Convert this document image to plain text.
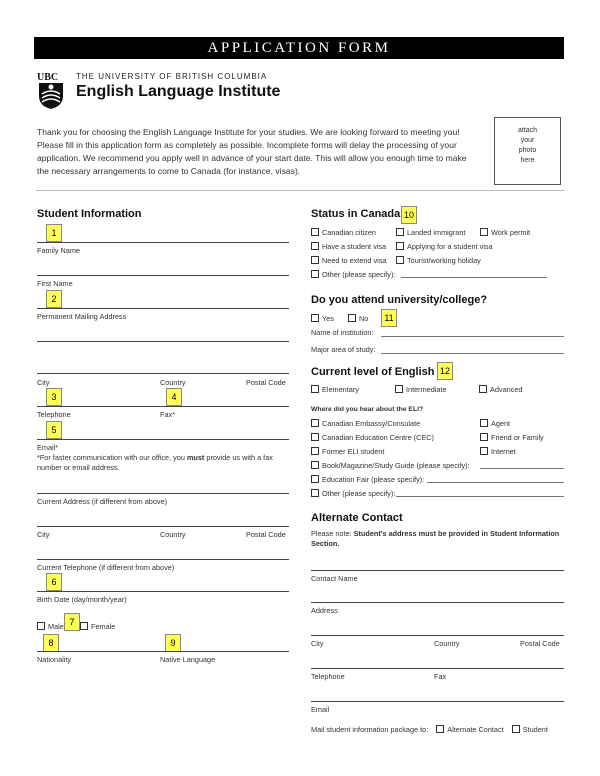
APPLICATION FORM
UBC THE UNIVERSITY OF BRITISH COLUMBIA
English Language Institute

Thank you for choosing the English Language Institute for your studies. We are looking forward to meeting you!

Please fill in this application form as completely as possible. Incomplete forms will delay the processing of your application. We recommend you apply well in advance of your start date. This will allow you enough time to make the necessary arrangements to come to Canada (for instance, visas).

attach
your
photo
here
Student Information
1
Family Name
First Name
2
Permanent Mailing Address
City	Country	Postal Code
3	4
Telephone	Fax*
5
Email*
*For faster communication with our office, you must provide us with a fax number or email address.
Current Address (if different from above)
City	Country	Postal Code
Current Telephone (if different from above)
6
Birth Date (day/month/year)
Male 7	Female
8	9
Nationality	Native Language
Status in Canada 10
Canadian citizen	Landed immigrant	Work permit
Have a student visa	Applying for a student visa
Need to extend visa	Tourist/working holiday
Other (please specify):
Do you attend university/college?
Yes	No	11
Name of institution:
Major area of study:
Current level of English 12
Elementary	Intermediate	Advanced
Where did you hear about the ELI?
Canadian Embassy/Consulate	Agent
Canadian Education Centre (CEC)	Friend or Family
Former ELI student	Internet
Book/Magazine/Study Guide (please specify):
Education Fair (please specify):
Other (please specify):
Alternate Contact
Please note: Student's address must be provided in Student Information Section.
Contact Name
Address
City	Country	Postal Code
Telephone	Fax
Email
Mail student information package to:	Alternate Contact	Student
